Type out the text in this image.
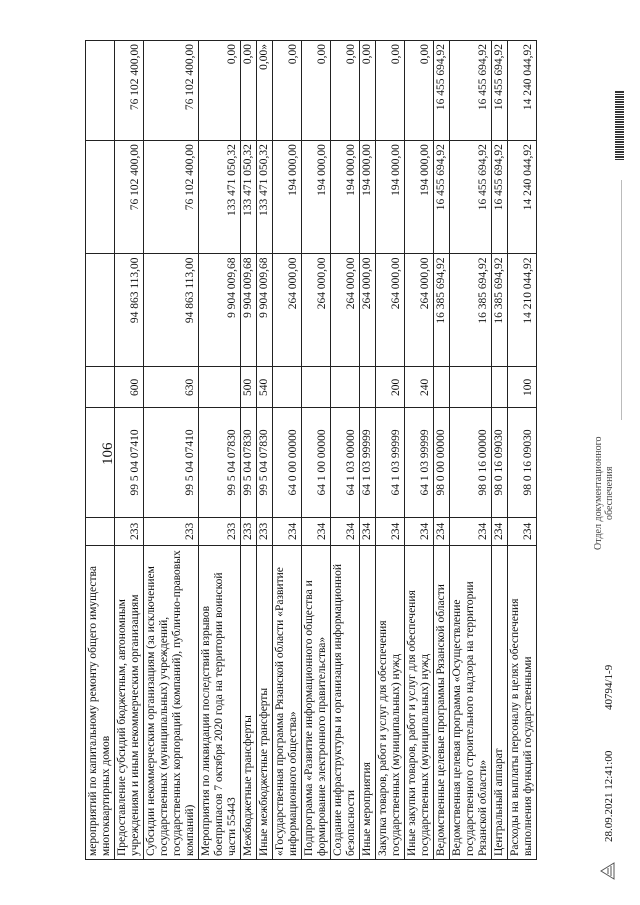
106
мероприятий по капитальному ремонту общего имущества многоквартирных домов						
Предоставление субсидий бюджетным, автономным учреждениям и иным некоммерческим организациям	233	99 5 04 07410	600	94 863 113,00	76 102 400,00	76 102 400,00
Субсидии некоммерческим организациям (за исключением государственных (муниципальных) учреждений, государственных корпораций (компаний), публично-правовых компаний)	233	99 5 04 07410	630	94 863 113,00	76 102 400,00	76 102 400,00
Мероприятия по ликвидации последствий взрывов боеприпасов 7 октября 2020 года на территории воинской части 55443	233	99 5 04 07830		9 904 009,68	133 471 050,32	0,00
Межбюджетные трансферты	233	99 5 04 07830	500	9 904 009,68	133 471 050,32	0,00
Иные межбюджетные трансферты	233	99 5 04 07830	540	9 904 009,68	133 471 050,32	0,00»
«Государственная программа Рязанской области «Развитие информационного общества»	234	64 0 00 00000		264 000,00	194 000,00	0,00
Подпрограмма «Развитие информационного общества и формирование электронного правительства»	234	64 1 00 00000		264 000,00	194 000,00	0,00
Создание инфраструктуры и организация информационной безопасности	234	64 1 03 00000		264 000,00	194 000,00	0,00
Иные мероприятия	234	64 1 03 99999		264 000,00	194 000,00	0,00
Закупка товаров, работ и услуг для обеспечения государственных (муниципальных) нужд	234	64 1 03 99999	200	264 000,00	194 000,00	0,00
Иные закупки товаров, работ и услуг для обеспечения государственных (муниципальных) нужд	234	64 1 03 99999	240	264 000,00	194 000,00	0,00
Ведомственные целевые программы Рязанской области	234	98 0 00 00000		16 385 694,92	16 455 694,92	16 455 694,92
Ведомственная целевая программа «Осуществление государственного строительного надзора на территории Рязанской области»	234	98 0 16 00000		16 385 694,92	16 455 694,92	16 455 694,92
Центральный аппарат	234	98 0 16 09030		16 385 694,92	16 455 694,92	16 455 694,92
Расходы на выплаты персоналу в целях обеспечения выполнения функций государственными	234	98 0 16 09030	100	14 210 044,92	14 240 044,92	14 240 044,92
28.09.2021 12:41:00
40794/1-9
Отдел документационного обеспечения
